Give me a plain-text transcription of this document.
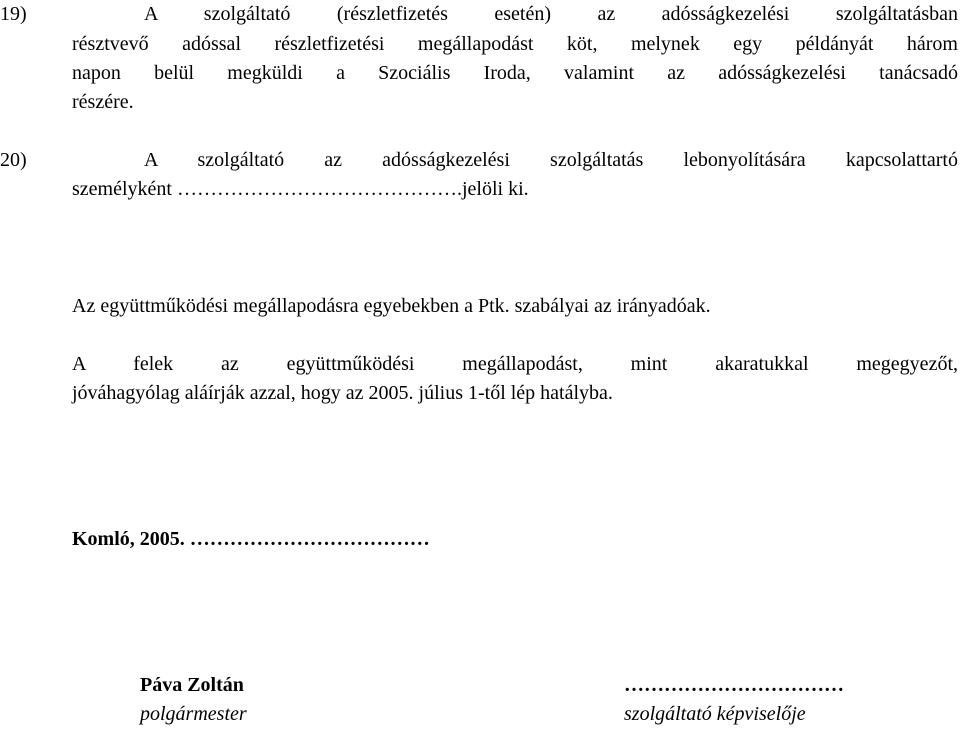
19)	A szolgáltató (részletfizetés esetén) az adósságkezelési szolgáltatásban
résztvevő adóssal részletfizetési megállapodást köt, melynek egy példányát három
napon belül megküldi a Szociális Iroda, valamint az adósságkezelési tanácsadó
részére.
20)	A szolgáltató az adósságkezelési szolgáltatás lebonyolítására kapcsolattartó
személyként …………………………………….jelöli ki.
Az együttműködési megállapodásra egyebekben a Ptk. szabályai az irányadóak.
A felek az együttműködési megállapodást, mint akaratukkal megegyezőt,
jóváhagyólag aláírják azzal, hogy az 2005. július 1-től lép hatályba.
Komló, 2005. ………………………………
Páva Zoltán
polgármester
……………………………
szolgáltató képviselője
